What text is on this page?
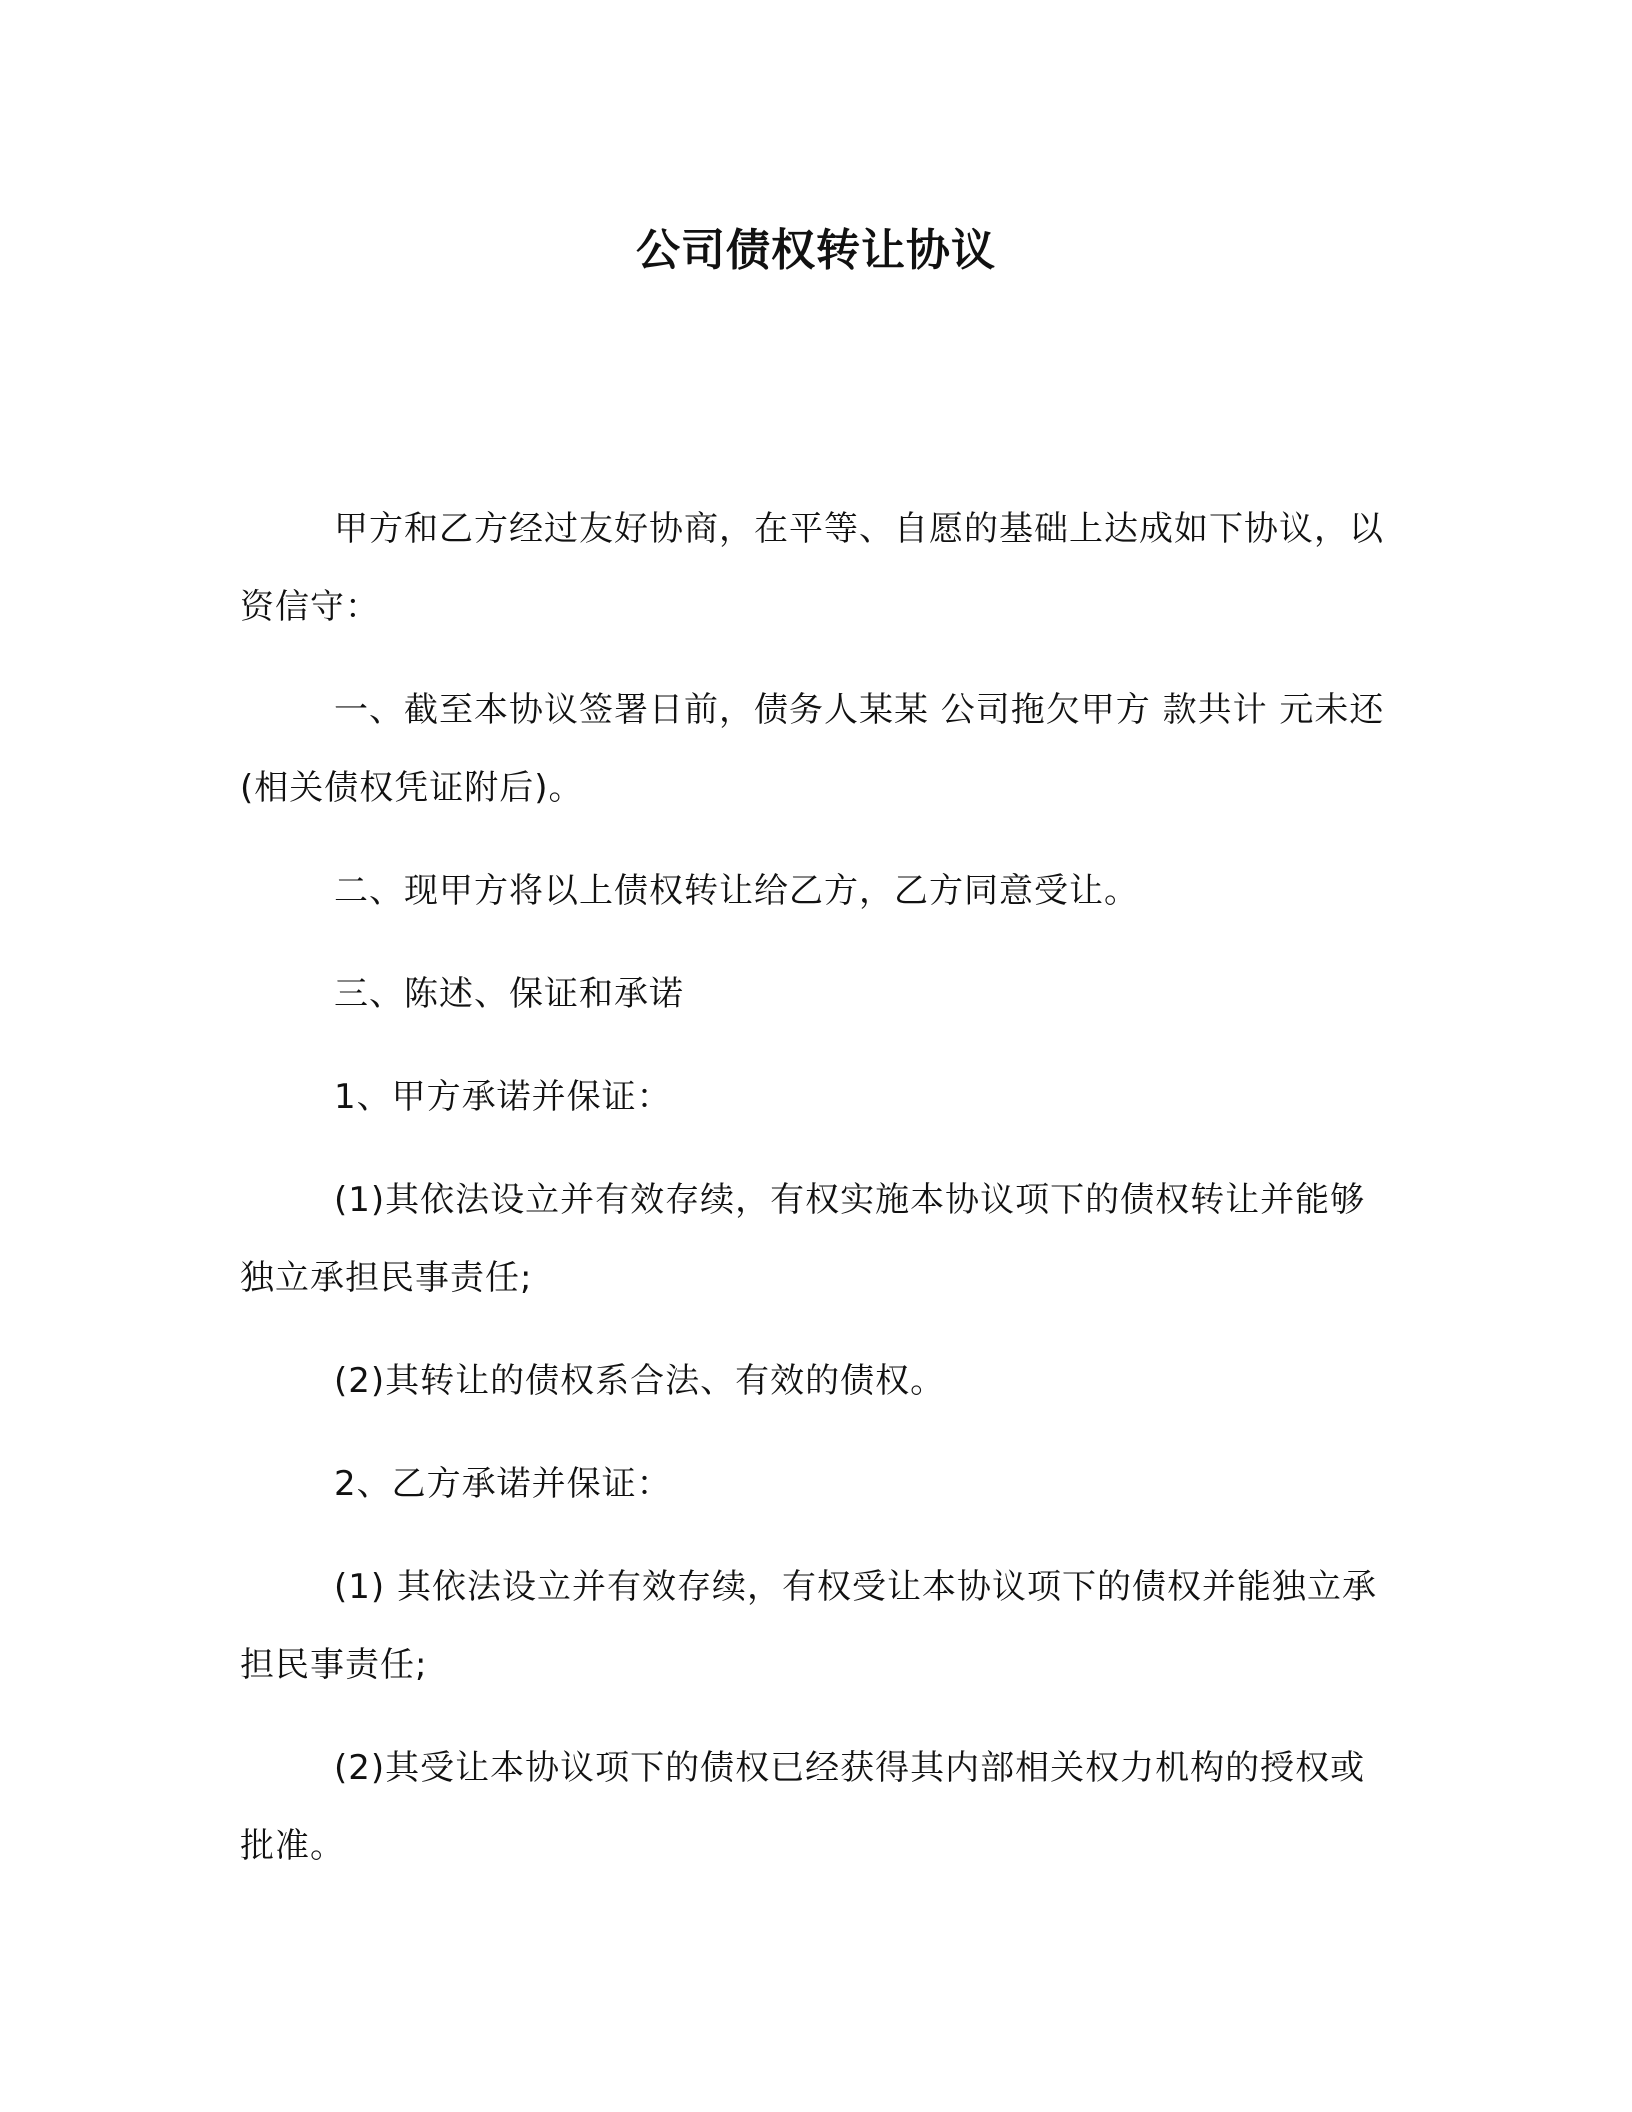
公司债权转让协议

甲方和乙方经过友好协商，在平等、自愿的基础上达成如下协议，以资信守：

一、截至本协议签署日前，债务人某某 公司拖欠甲方 款共计 元未还(相关债权凭证附后)。

二、现甲方将以上债权转让给乙方，乙方同意受让。

三、陈述、保证和承诺

1、甲方承诺并保证：

(1)其依法设立并有效存续，有权实施本协议项下的债权转让并能够独立承担民事责任;

(2)其转让的债权系合法、有效的债权。

2、乙方承诺并保证：

(1) 其依法设立并有效存续，有权受让本协议项下的债权并能独立承担民事责任;

(2)其受让本协议项下的债权已经获得其内部相关权力机构的授权或批准。
